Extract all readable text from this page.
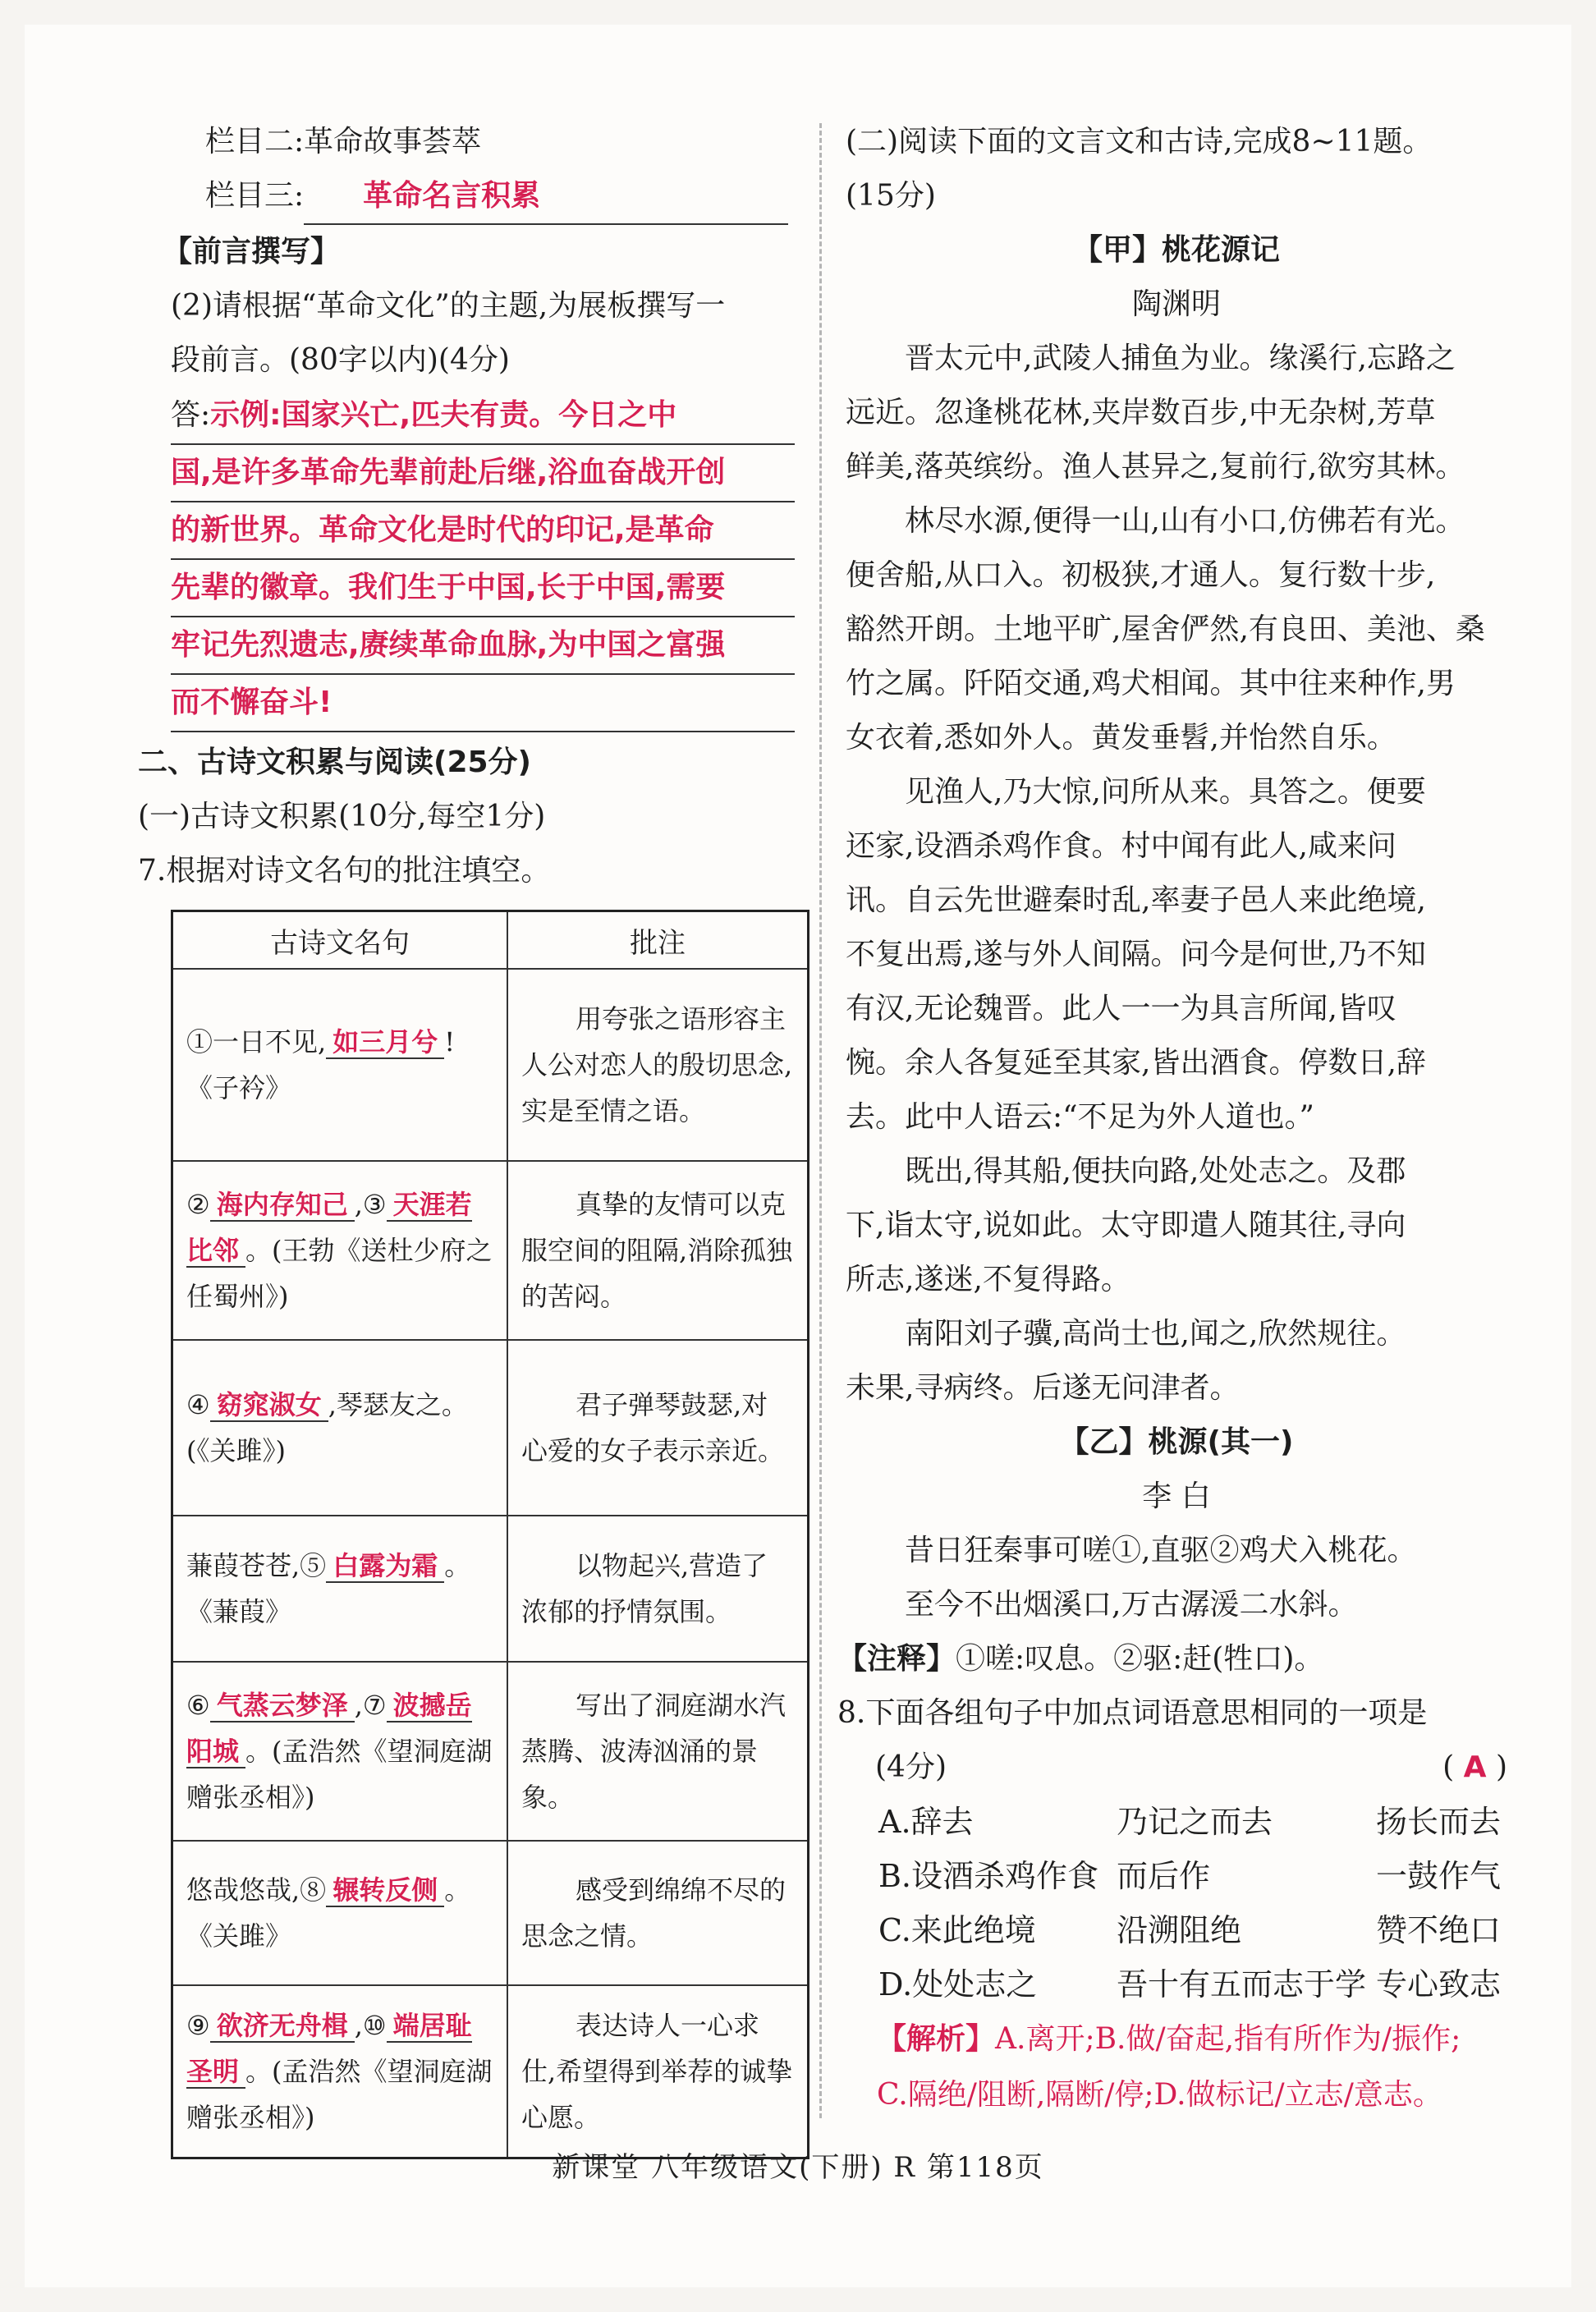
栏目二:革命故事荟萃

栏目三: 革命名言积累

【前言撰写】

(2)请根据“革命文化”的主题,为展板撰写一

段前言。(80字以内)(4分)

答:示例:国家兴亡,匹夫有责。今日之中
国,是许多革命先辈前赴后继,浴血奋战开创
的新世界。革命文化是时代的印记,是革命
先辈的徽章。我们生于中国,长于中国,需要
牢记先烈遗志,赓续革命血脉,为中国之富强
而不懈奋斗!

二、古诗文积累与阅读(25分)

(一)古诗文积累(10分,每空1分)

7.根据对诗文名句的批注填空。

古诗文名句	批注
①一日不见, 如三月兮 !
《子衿》	用夸张之语形容主人公对恋人的殷切思念,实是至情之语。
② 海内存知己 ,③ 天涯若比邻 。(王勃《送杜少府之任蜀州》)	真挚的友情可以克服空间的阻隔,消除孤独的苦闷。
④ 窈窕淑女 ,琴瑟友之。(《关雎》)	君子弹琴鼓瑟,对心爱的女子表示亲近。
蒹葭苍苍,⑤ 白露为霜 。
《蒹葭》	以物起兴,营造了浓郁的抒情氛围。
⑥ 气蒸云梦泽 ,⑦ 波撼岳阳城 。(孟浩然《望洞庭湖赠张丞相》)	写出了洞庭湖水汽蒸腾、波涛汹涌的景象。
悠哉悠哉,⑧ 辗转反侧 。
《关雎》	感受到绵绵不尽的思念之情。
⑨ 欲济无舟楫 ,⑩ 端居耻圣明 。(孟浩然《望洞庭湖赠张丞相》)	表达诗人一心求仕,希望得到举荐的诚挚心愿。

(二)阅读下面的文言文和古诗,完成8~11题。

(15分)

【甲】桃花源记

陶渊明

晋太元中,武陵人捕鱼为业。缘溪行,忘路之

远近。忽逢桃花林,夹岸数百步,中无杂树,芳草

鲜美,落英缤纷。渔人甚异之,复前行,欲穷其林。

林尽水源,便得一山,山有小口,仿佛若有光。

便舍船,从口入。初极狭,才通人。复行数十步,

豁然开朗。土地平旷,屋舍俨然,有良田、美池、桑

竹之属。阡陌交通,鸡犬相闻。其中往来种作,男

女衣着,悉如外人。黄发垂髫,并怡然自乐。

见渔人,乃大惊,问所从来。具答之。便要

还家,设酒杀鸡作食。村中闻有此人,咸来问

讯。自云先世避秦时乱,率妻子邑人来此绝境,

不复出焉,遂与外人间隔。问今是何世,乃不知

有汉,无论魏晋。此人一一为具言所闻,皆叹

惋。余人各复延至其家,皆出酒食。停数日,辞

去。此中人语云:“不足为外人道也。”

既出,得其船,便扶向路,处处志之。及郡

下,诣太守,说如此。太守即遣人随其往,寻向

所志,遂迷,不复得路。

南阳刘子骥,高尚士也,闻之,欣然规往。

未果,寻病终。后遂无问津者。

【乙】桃源(其一)

李 白

昔日狂秦事可嗟①,直驱②鸡犬入桃花。

至今不出烟溪口,万古潺湲二水斜。

【注释】①嗟:叹息。②驱:赶(牲口)。

8.下面各组句子中加点词语意思相同的一项是

(4分)	( A )

A.辞去	乃记之而去	扬长而去
B.设酒杀鸡作食 而后作	一鼓作气
C.来此绝境	沿溯阻绝	赞不绝口
D.处处志之	吾十有五而志于学 专心致志
【解析】A.离开;B.做/奋起,指有所作为/振作;
C.隔绝/阻断,隔断/停;D.做标记/立志/意志。
新课堂 八年级语文(下册) R 第118页
